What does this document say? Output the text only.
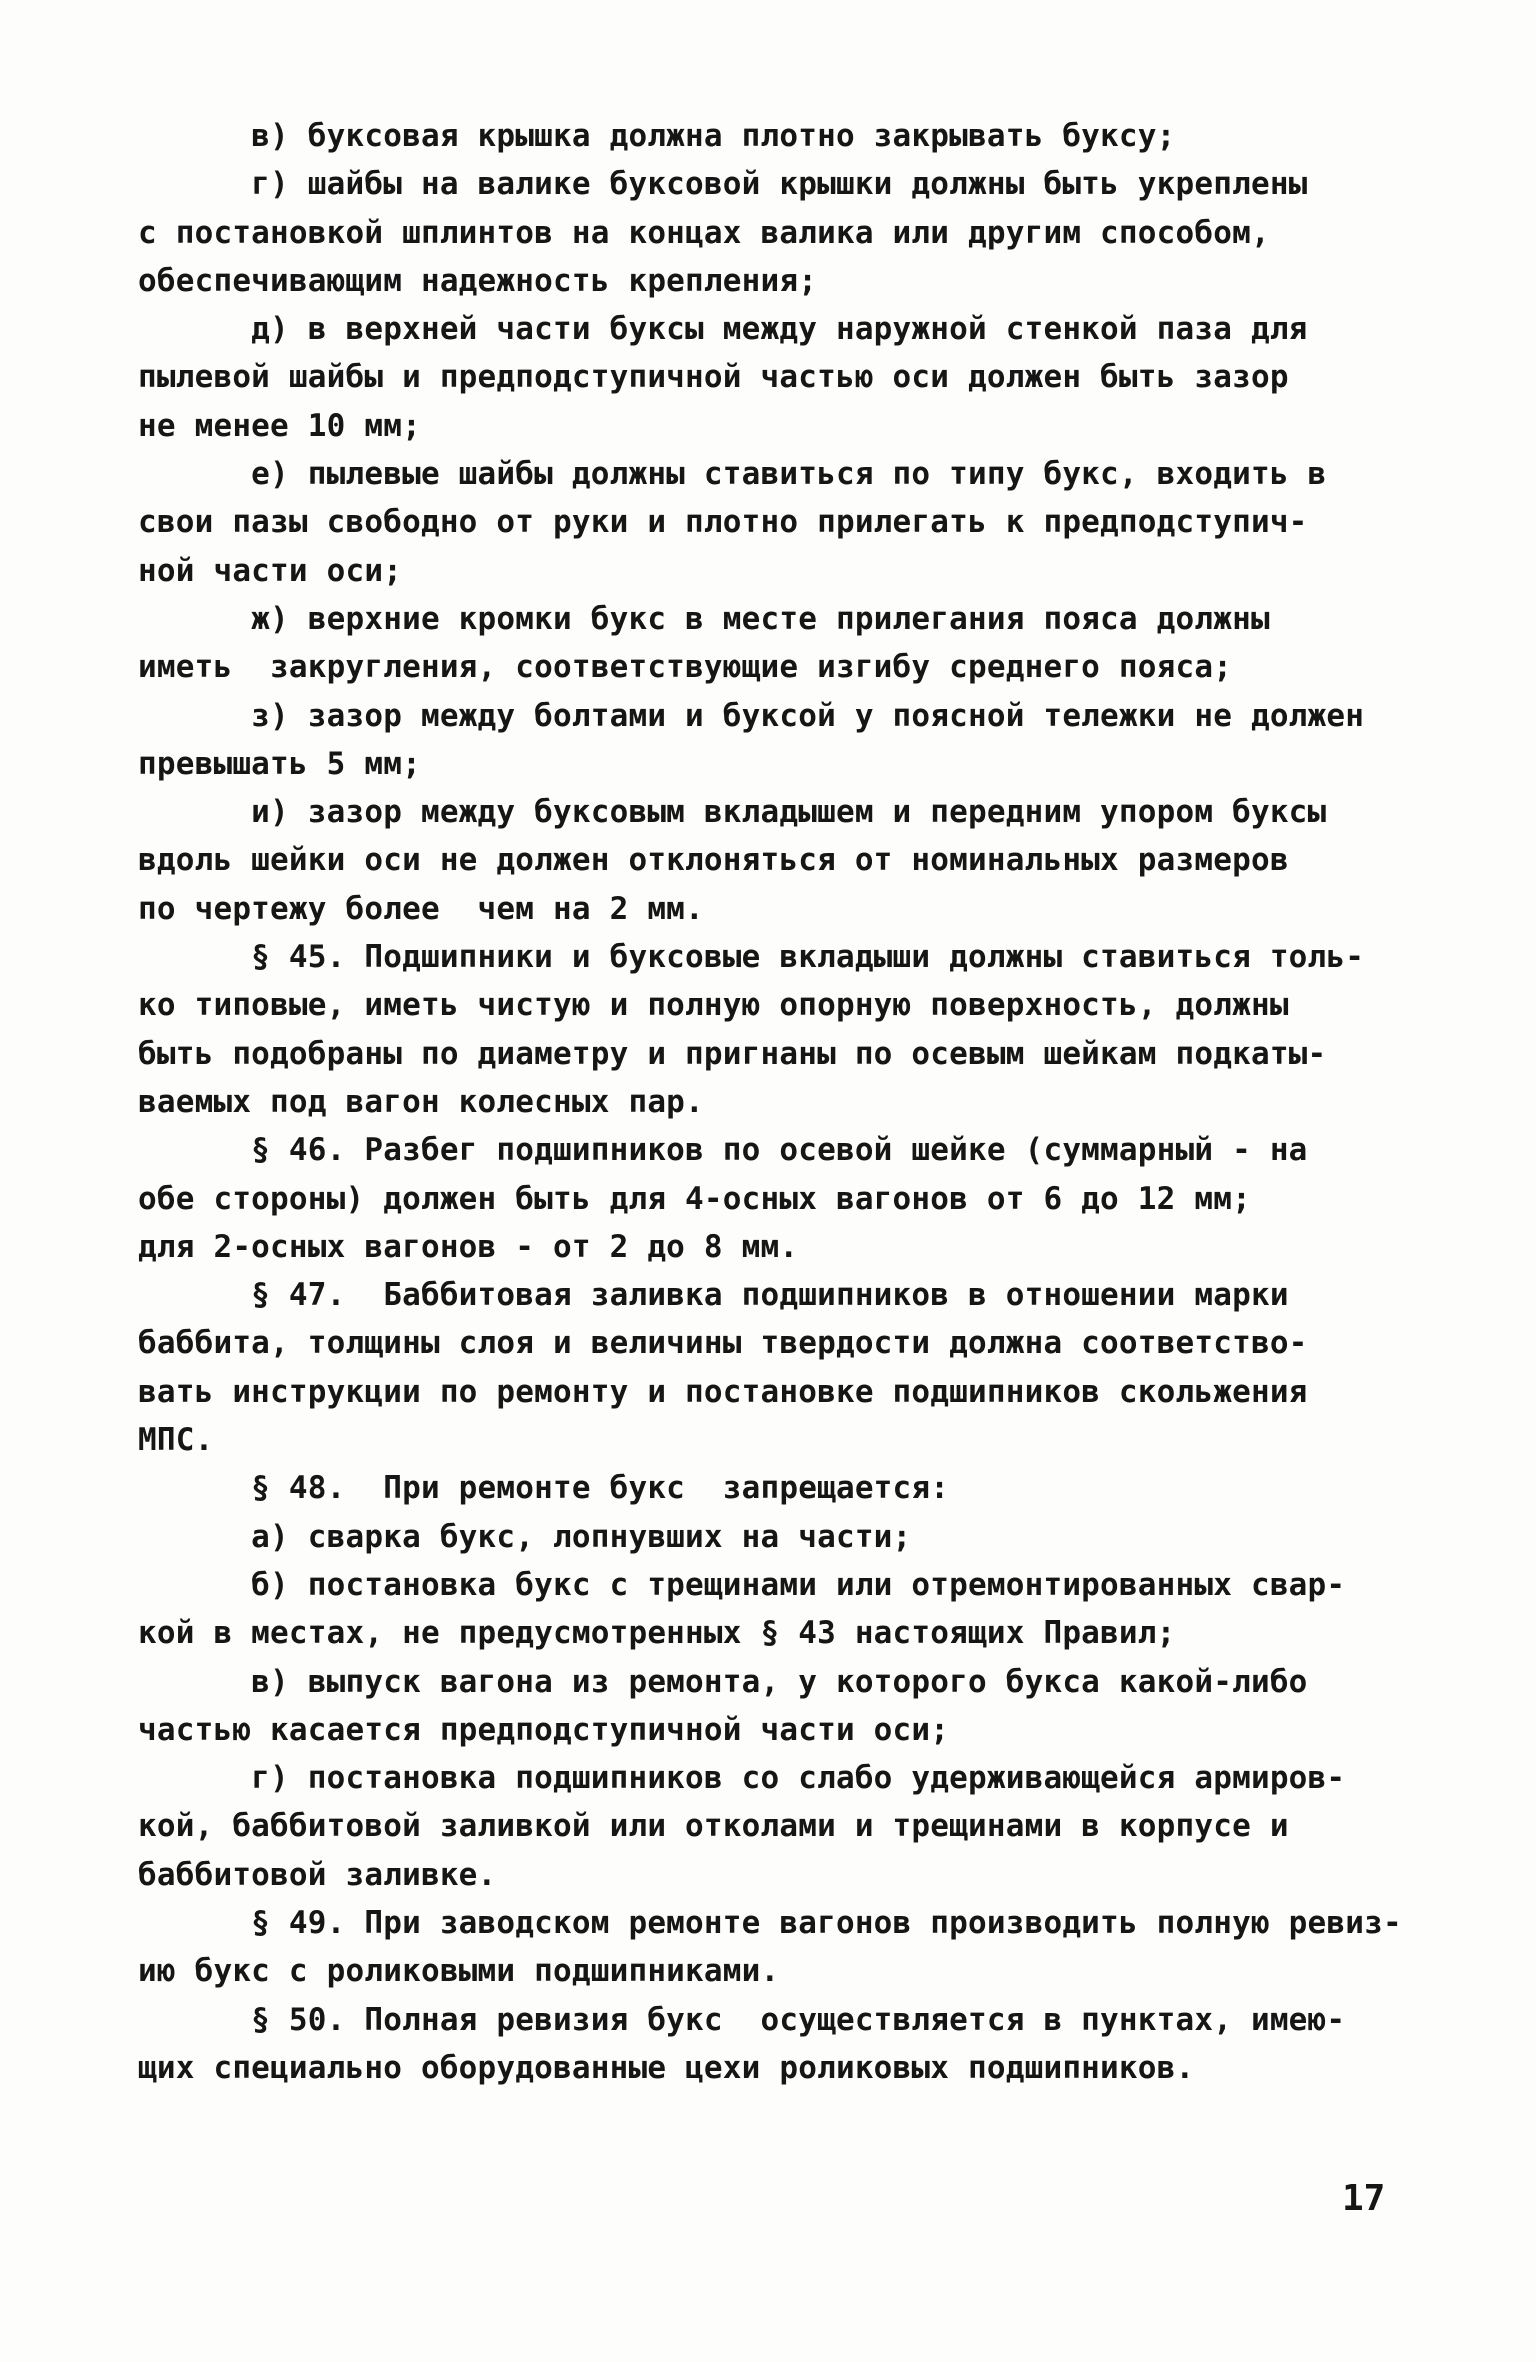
в) буксовая крышка должна плотно закрывать буксу;
г) шайбы на валике буксовой крышки должны быть укреплены
с постановкой шплинтов на концах валика или другим способом,
обеспечивающим надежность крепления;
д) в верхней части буксы между наружной стенкой паза для
пылевой шайбы и предподступичной частью оси должен быть зазор
не менее 10 мм;
е) пылевые шайбы должны ставиться по типу букс, входить в
свои пазы свободно от руки и плотно прилегать к предподступич-
ной части оси;
ж) верхние кромки букс в месте прилегания пояса должны
иметь  закругления, соответствующие изгибу среднего пояса;
з) зазор между болтами и буксой у поясной тележки не должен
превышать 5 мм;
и) зазор между буксовым вкладышем и передним упором буксы
вдоль шейки оси не должен отклоняться от номинальных размеров
по чертежу более  чем на 2 мм.
§ 45. Подшипники и буксовые вкладыши должны ставиться толь-
ко типовые, иметь чистую и полную опорную поверхность, должны
быть подобраны по диаметру и пригнаны по осевым шейкам подкаты-
ваемых под вагон колесных пар.
§ 46. Разбег подшипников по осевой шейке (суммарный - на
обе стороны) должен быть для 4-осных вагонов от 6 до 12 мм;
для 2-осных вагонов - от 2 до 8 мм.
§ 47.  Баббитовая заливка подшипников в отношении марки
баббита, толщины слоя и величины твердости должна соответство-
вать инструкции по ремонту и постановке подшипников скольжения
МПС.
§ 48.  При ремонте букс  запрещается:
а) сварка букс, лопнувших на части;
б) постановка букс с трещинами или отремонтированных свар-
кой в местах, не предусмотренных § 43 настоящих Правил;
в) выпуск вагона из ремонта, у которого букса какой-либо
частью касается предподступичной части оси;
г) постановка подшипников со слабо удерживающейся армиров-
кой, баббитовой заливкой или отколами и трещинами в корпусе и
баббитовой заливке.
§ 49. При заводском ремонте вагонов производить полную ревиз-
ию букс с роликовыми подшипниками.
§ 50. Полная ревизия букс  осуществляется в пунктах, имею-
щих специально оборудованные цехи роликовых подшипников.
17
